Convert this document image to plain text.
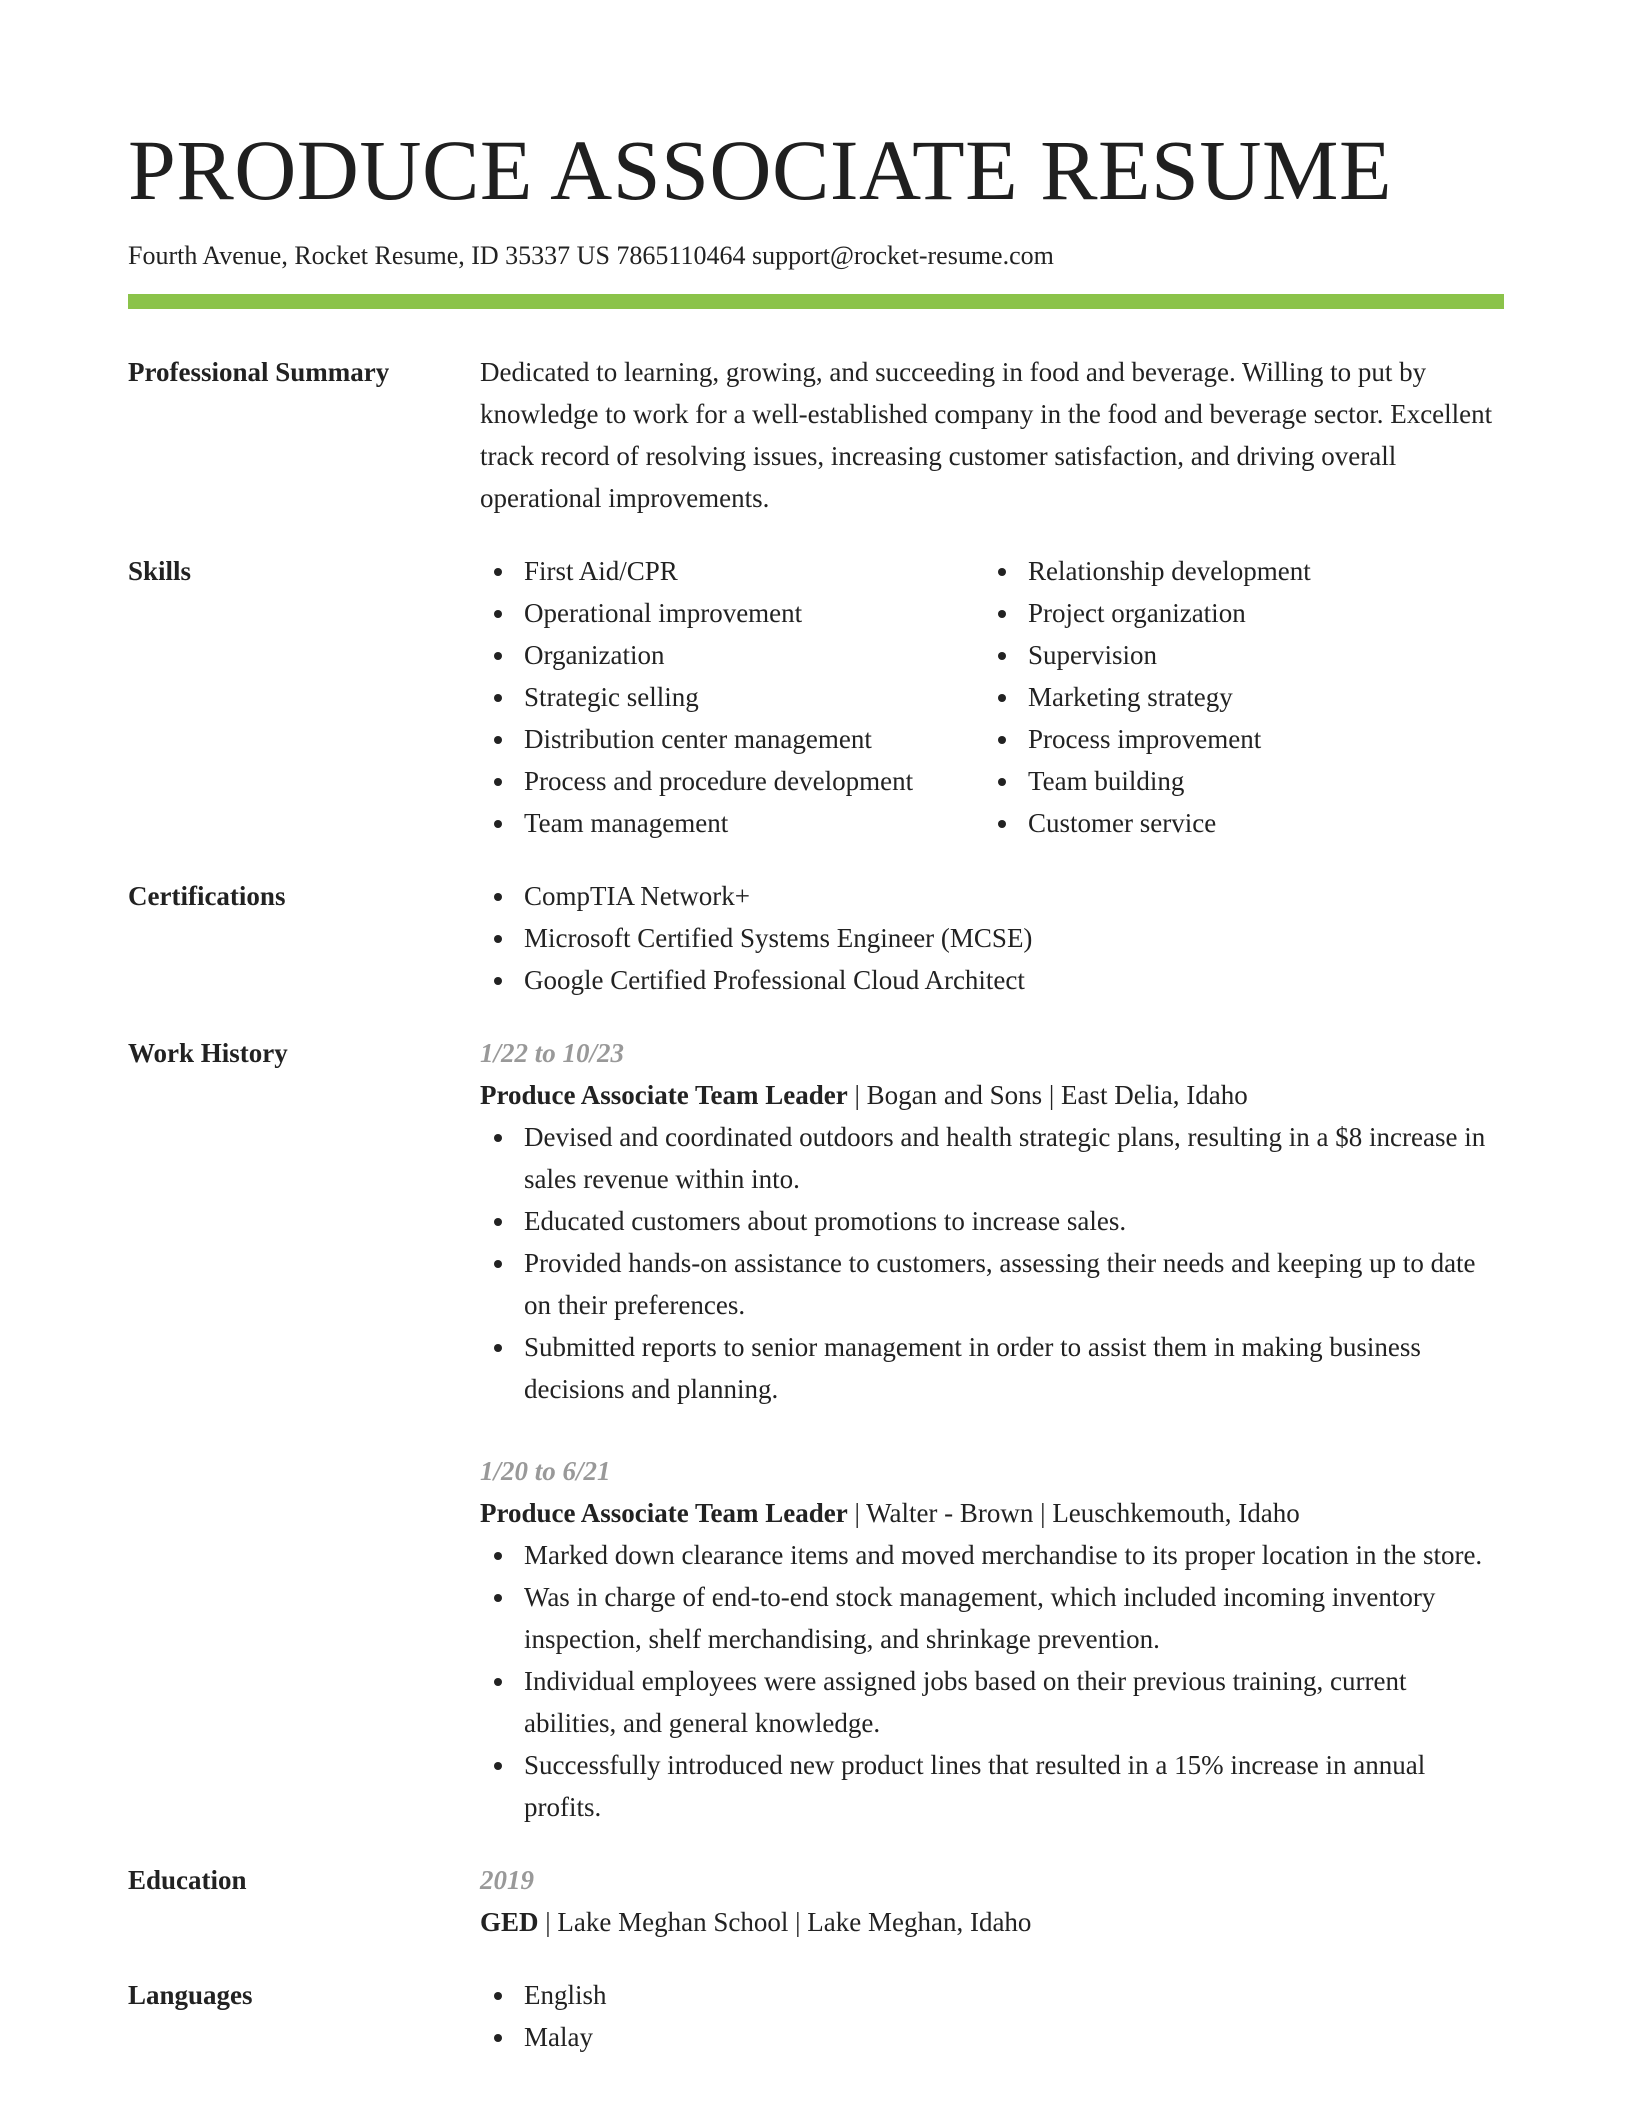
PRODUCE ASSOCIATE RESUME
Fourth Avenue, Rocket Resume, ID 35337 US 7865110464 support@rocket-resume.com
Professional Summary	Dedicated to learning, growing, and succeeding in food and beverage. Willing to put by knowledge to work for a well-established company in the food and beverage sector. Excellent track record of resolving issues, increasing customer satisfaction, and driving overall operational improvements.

Skills	First Aid/CPR
Operational improvement
Organization
Strategic selling
Distribution center management
Process and procedure development
Team management
Relationship development
Project organization
Supervision
Marketing strategy
Process improvement
Team building
Customer service
Certifications	CompTIA Network+
Microsoft Certified Systems Engineer (MCSE)
Google Certified Professional Cloud Architect
Work History	1/22 to 10/23
Produce Associate Team Leader | Bogan and Sons | East Delia, Idaho
Devised and coordinated outdoors and health strategic plans, resulting in a $8 increase in sales revenue within into.
Educated customers about promotions to increase sales.
Provided hands-on assistance to customers, assessing their needs and keeping up to date on their preferences.
Submitted reports to senior management in order to assist them in making business decisions and planning.
1/20 to 6/21
Produce Associate Team Leader | Walter - Brown | Leuschkemouth, Idaho
Marked down clearance items and moved merchandise to its proper location in the store.
Was in charge of end-to-end stock management, which included incoming inventory inspection, shelf merchandising, and shrinkage prevention.
Individual employees were assigned jobs based on their previous training, current abilities, and general knowledge.
Successfully introduced new product lines that resulted in a 15% increase in annual profits.
Education	2019
GED | Lake Meghan School | Lake Meghan, Idaho
Languages	English
Malay
